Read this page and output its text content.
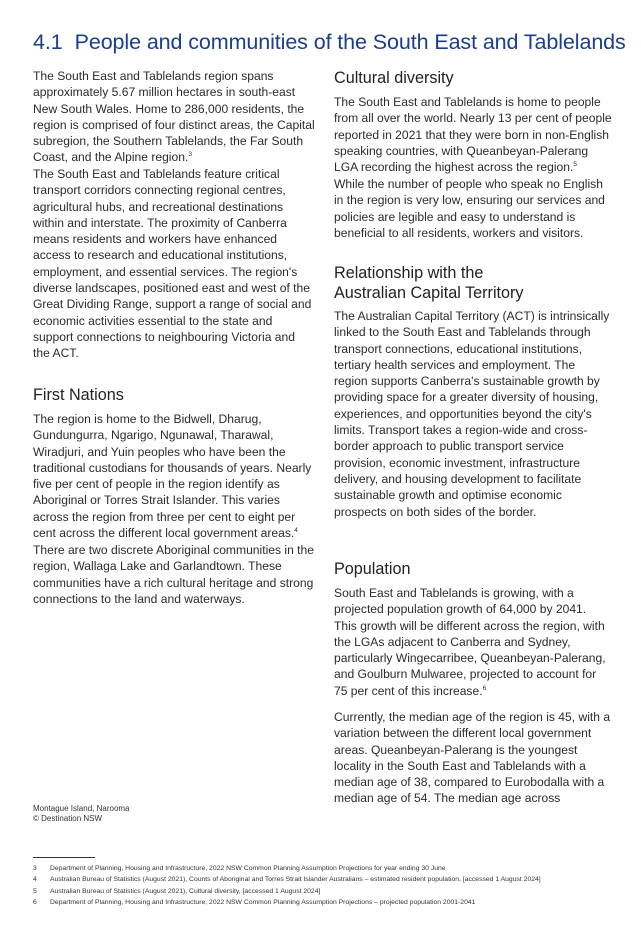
4.1 People and communities of the South East and Tablelands

The South East and Tablelands region spans approximately 5.67 million hectares in south-east New South Wales. Home to 286,000 residents, the region is comprised of four distinct areas, the Capital subregion, the Southern Tablelands, the Far South Coast, and the Alpine region.$^3$

The South East and Tablelands feature critical transport corridors connecting regional centres, agricultural hubs, and recreational destinations within and interstate. The proximity of Canberra means residents and workers have enhanced access to research and educational institutions, employment, and essential services. The region's diverse landscapes, positioned east and west of the Great Dividing Range, support a range of social and economic activities essential to the state and support connections to neighbouring Victoria and the ACT.

First Nations

The region is home to the Bidwell, Dharug, Gundungurra, Ngarigo, Ngunawal, Tharawal, Wiradjuri, and Yuin peoples who have been the traditional custodians for thousands of years. Nearly five per cent of people in the region identify as Aboriginal or Torres Strait Islander. This varies across the region from three per cent to eight per cent across the different local government areas.$^4$

There are two discrete Aboriginal communities in the region, Wallaga Lake and Garlandtown. These communities have a rich cultural heritage and strong connections to the land and waterways.

Cultural diversity

The South East and Tablelands is home to people from all over the world. Nearly 13 per cent of people reported in 2021 that they were born in non-English speaking countries, with Queanbeyan-Palerang LGA recording the highest across the region.$^5$

While the number of people who speak no English in the region is very low, ensuring our services and policies are legible and easy to understand is beneficial to all residents, workers and visitors.

Relationship with the
Australian Capital Territory

The Australian Capital Territory (ACT) is intrinsically linked to the South East and Tablelands through transport connections, educational institutions, tertiary health services and employment. The region supports Canberra's sustainable growth by providing space for a greater diversity of housing, experiences, and opportunities beyond the city's limits. Transport takes a region-wide and cross-border approach to public transport service provision, economic investment, infrastructure delivery, and housing development to facilitate sustainable growth and optimise economic prospects on both sides of the border.

Population

South East and Tablelands is growing, with a projected population growth of 64,000 by 2041. This growth will be different across the region, with the LGAs adjacent to Canberra and Sydney, particularly Wingecarribee, Queanbeyan-Palerang, and Goulburn Mulwaree, projected to account for 75 per cent of this increase.$^6$

Currently, the median age of the region is 45, with a variation between the different local government areas. Queanbeyan-Palerang is the youngest locality in the South East and Tablelands with a median age of 38, compared to Eurobodalla with a median age of 54. The median age across

Montague Island, Narooma
© Destination NSW
3 Department of Planning, Housing and Infrastructure, 2022 NSW Common Planning Assumption Projections for year ending 30 June
4 Australian Bureau of Statistics (August 2021), Counts of Aboriginal and Torres Strait Islander Australians – estimated resident population, [accessed 1 August 2024]
5 Australian Bureau of Statistics (August 2021), Cultural diversity, [accessed 1 August 2024]
6 Department of Planning, Housing and Infrastructure, 2022 NSW Common Planning Assumption Projections – projected population 2001-2041
